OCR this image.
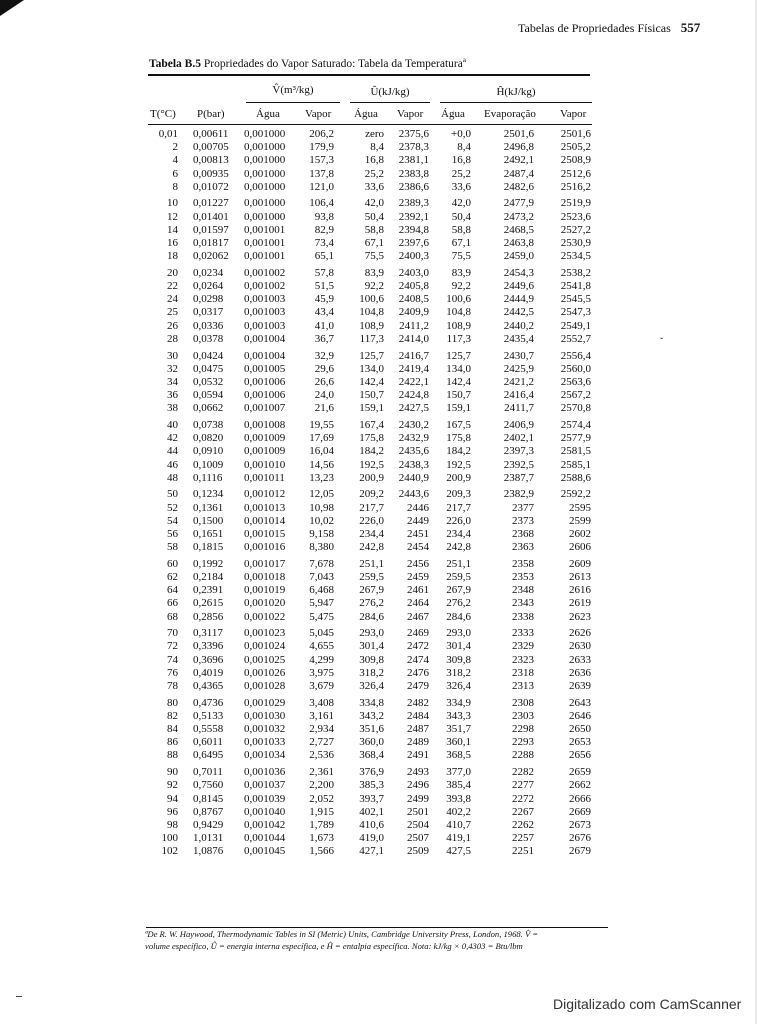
Tabelas de Propriedades Físicas 557
Tabela B.5 Propriedades do Vapor Saturado: Tabela da Temperatura$^a$
V̂(m³/kg)	Û(kJ/kg)	Ĥ(kJ/kg)
T(°C) P(bar)	Água Vapor Água Vapor Água Evaporação Vapor
0,01 0,00611 0,001000 206,2	zero 2375,6 +0,0	2501,6 2501,6
2 0,00705 0,001000 179,9	8,4 2378,3	8,4	2496,8 2505,2
4 0,00813 0,001000 157,3	16,8 2381,1 16,8	2492,1 2508,9
6 0,00935 0,001000 137,8	25,2 2383,8 25,2	2487,4 2512,6
8 0,01072 0,001000 121,0	33,6 2386,6 33,6	2482,6 2516,2
10 0,01227 0,001000 106,4	42,0 2389,3 42,0	2477,9 2519,9
12 0,01401 0,001000	93,8	50,4 2392,1 50,4	2473,2 2523,6
14 0,01597 0,001001	82,9	58,8 2394,8 58,8	2468,5 2527,2
16 0,01817 0,001001	73,4	67,1 2397,6 67,1	2463,8 2530,9
18 0,02062 0,001001	65,1	75,5 2400,3 75,5	2459,0 2534,5
20 0,0234 0,001002	57,8	83,9 2403,0 83,9	2454,3 2538,2
22 0,0264 0,001002	51,5	92,2 2405,8 92,2	2449,6 2541,8
24 0,0298 0,001003	45,9 100,6 2408,5 100,6	2444,9 2545,5
25 0,0317 0,001003	43,4 104,8 2409,9 104,8	2442,5 2547,3
26 0,0336 0,001003	41,0 108,9 2411,2 108,9	2440,2 2549,1
28 0,0378 0,001004	36,7 117,3 2414,0 117,3	2435,4 2552,7
30 0,0424 0,001004	32,9 125,7 2416,7 125,7	2430,7 2556,4
32 0,0475 0,001005	29,6 134,0 2419,4 134,0	2425,9 2560,0
34 0,0532 0,001006	26,6 142,4 2422,1 142,4	2421,2 2563,6
36 0,0594 0,001006	24,0 150,7 2424,8 150,7	2416,4 2567,2
38 0,0662 0,001007	21,6 159,1 2427,5 159,1	2411,7 2570,8
40 0,0738 0,001008 19,55 167,4 2430,2 167,5	2406,9 2574,4
42 0,0820 0,001009 17,69 175,8 2432,9 175,8	2402,1 2577,9
44 0,0910 0,001009 16,04 184,2 2435,6 184,2	2397,3 2581,5
46 0,1009 0,001010 14,56 192,5 2438,3 192,5	2392,5 2585,1
48 0,1116 0,001011 13,23 200,9 2440,9 200,9	2387,7 2588,6
50 0,1234 0,001012 12,05 209,2 2443,6 209,3	2382,9 2592,2
52 0,1361 0,001013 10,98 217,7 2446 217,7	2377	2595
54 0,1500 0,001014 10,02 226,0 2449 226,0	2373	2599
56 0,1651 0,001015 9,158 234,4 2451 234,4	2368	2602
58 0,1815 0,001016 8,380 242,8 2454 242,8	2363	2606
60 0,1992 0,001017 7,678 251,1 2456 251,1	2358	2609
62 0,2184 0,001018 7,043 259,5 2459 259,5	2353	2613
64 0,2391 0,001019 6,468 267,9 2461 267,9	2348	2616
66 0,2615 0,001020 5,947 276,2 2464 276,2	2343	2619
68 0,2856 0,001022 5,475 284,6 2467 284,6	2338	2623
70 0,3117 0,001023 5,045 293,0 2469 293,0	2333	2626
72 0,3396 0,001024 4,655 301,4 2472 301,4	2329	2630
74 0,3696 0,001025 4,299 309,8 2474 309,8	2323	2633
76 0,4019 0,001026 3,975 318,2 2476 318,2	2318	2636
78 0,4365 0,001028 3,679 326,4 2479 326,4	2313	2639
80 0,4736 0,001029 3,408 334,8 2482 334,9	2308	2643
82 0,5133 0,001030 3,161 343,2 2484 343,3	2303	2646
84 0,5558 0,001032 2,934 351,6 2487 351,7	2298	2650
86 0,6011 0,001033 2,727 360,0 2489 360,1	2293	2653
88 0,6495 0,001034 2,536 368,4 2491 368,5	2288	2656
90 0,7011 0,001036 2,361 376,9 2493 377,0	2282	2659
92 0,7560 0,001037 2,200 385,3 2496 385,4	2277	2662
94 0,8145 0,001039 2,052 393,7 2499 393,8	2272	2666
96 0,8767 0,001040 1,915 402,1 2501 402,2	2267	2669
98 0,9429 0,001042 1,789 410,6 2504 410,7	2262	2673
100 1,0131 0,001044 1,673 419,0 2507 419,1	2257	2676
102 1,0876 0,001045 1,566 427,1 2509 427,5	2251	2679
ˇ
ªDe R. W. Haywood, Thermodynamic Tables in SI (Metric) Units, Cambridge University Press, London, 1968. V̂ =
volume específico, Û = energia interna específica, e Ĥ = entalpia específica. Nota: kJ/kg × 0,4303 = Btu/lbm
Digitalizado com CamScanner
